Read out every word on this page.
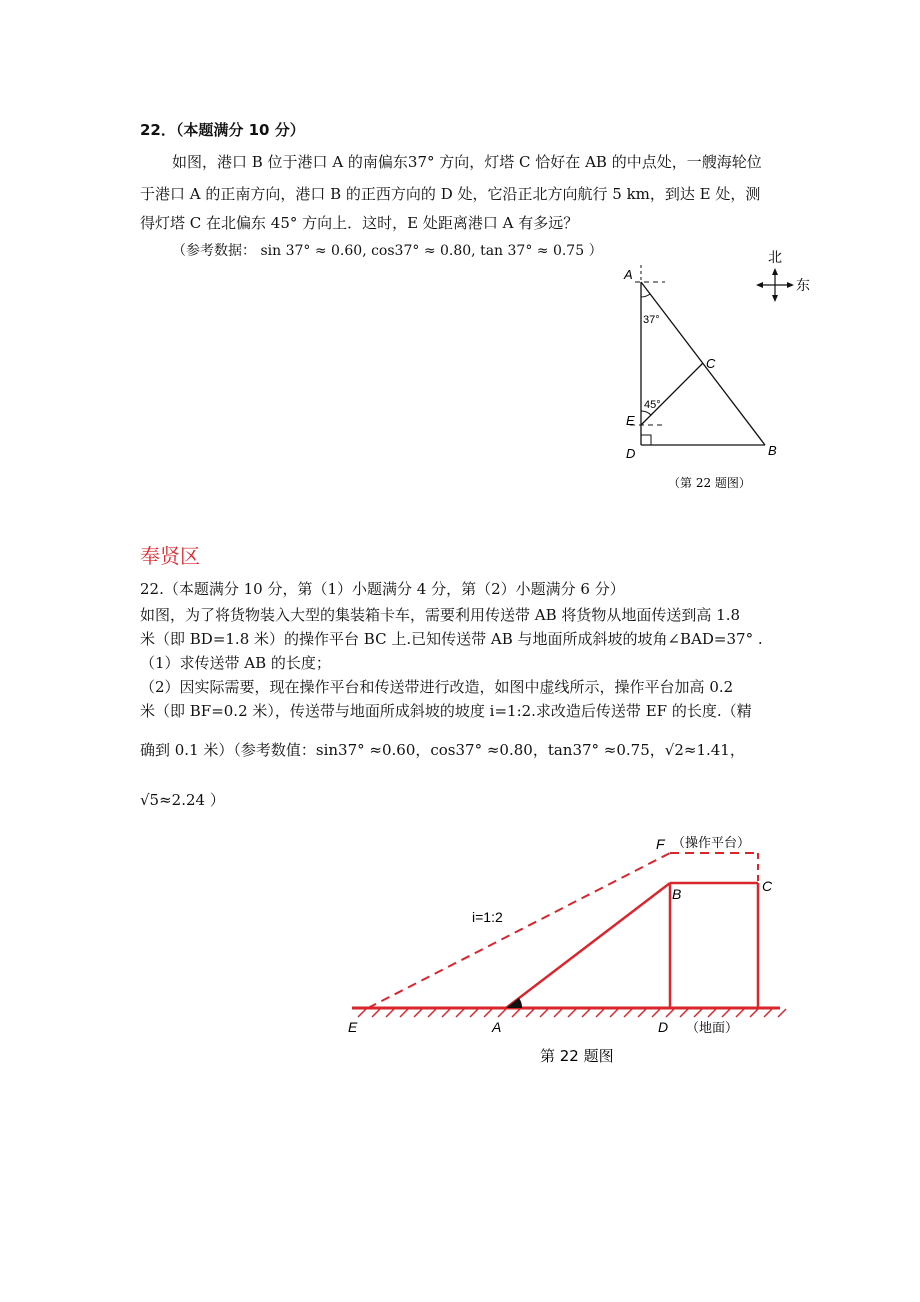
22．（本题满分 10 分）
如图，港口 B 位于港口 A 的南偏东37° 方向，灯塔 C 恰好在 AB 的中点处，一艘海轮位
于港口 A 的正南方向，港口 B 的正西方向的 D 处，它沿正北方向航行 5 km，到达 E 处，测
得灯塔 C 在北偏东 45° 方向上．这时，E 处距离港口 A 有多远？
（参考数据： sin 37° ≈ 0.60, cos37° ≈ 0.80, tan 37° ≈ 0.75 ）
A
C
E
D	B
37°
45°
北
东
（第 22 题图）
奉贤区
22.（本题满分 10 分，第（1）小题满分 4 分，第（2）小题满分 6 分）
如图，为了将货物装入大型的集装箱卡车，需要利用传送带 AB 将货物从地面传送到高 1.8
米（即 BD=1.8 米）的操作平台 BC 上.已知传送带 AB 与地面所成斜坡的坡角∠BAD=37° .
（1）求传送带 AB 的长度；
（2）因实际需要，现在操作平台和传送带进行改造，如图中虚线所示，操作平台加高 0.2
米（即 BF=0.2 米），传送带与地面所成斜坡的坡度 i=1:2.求改造后传送带 EF 的长度.（精
确到 0.1 米）（参考数值：sin37° ≈0.60，cos37° ≈0.80，tan37° ≈0.75，√2≈1.41，
√5≈2.24 ）
E	A	D （地面）
B	C
F （操作平台）
i=1:2
第 22 题图
